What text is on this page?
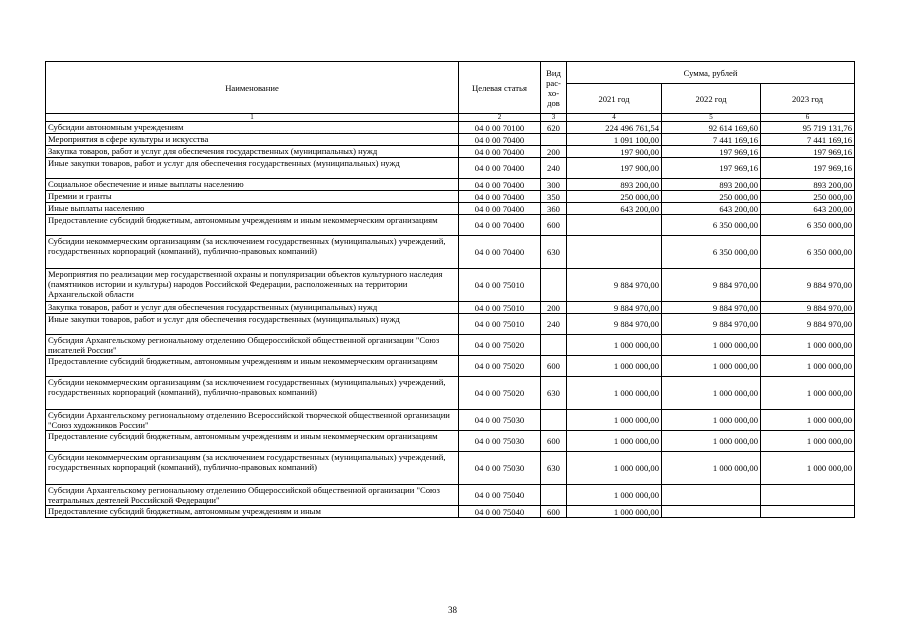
Наименование	Целевая статья	Вид рас-хо-дов	Сумма, рублей		
			2021 год	2022 год	2023 год
1	2	3	4	5	6
Субсидии автономным учреждениям	04 0 00 70100	620	224 496 761,54	92 614 169,60	95 719 131,76
Мероприятия в сфере культуры и искусства	04 0 00 70400		1 091 100,00	7 441 169,16	7 441 169,16
Закупка товаров, работ и услуг для обеспечения государственных (муниципальных) нужд	04 0 00 70400	200	197 900,00	197 969,16	197 969,16
Иные закупки товаров, работ и услуг для обеспечения государственных (муниципальных) нужд	04 0 00 70400	240	197 900,00	197 969,16	197 969,16
Социальное обеспечение и иные выплаты населению	04 0 00 70400	300	893 200,00	893 200,00	893 200,00
Премии и гранты	04 0 00 70400	350	250 000,00	250 000,00	250 000,00
Иные выплаты населению	04 0 00 70400	360	643 200,00	643 200,00	643 200,00
Предоставление субсидий бюджетным, автономным учреждениям и иным некоммерческим организациям	04 0 00 70400	600		6 350 000,00	6 350 000,00
Субсидии некоммерческим организациям (за исключением государственных (муниципальных) учреждений, государственных корпораций (компаний), публично-правовых компаний)	04 0 00 70400	630		6 350 000,00	6 350 000,00
Мероприятия по реализации мер государственной охраны и популяризации объектов культурного наследия (памятников истории и культуры) народов Российской Федерации, расположенных на территории Архангельской области	04 0 00 75010		9 884 970,00	9 884 970,00	9 884 970,00
Закупка товаров, работ и услуг для обеспечения государственных (муниципальных) нужд	04 0 00 75010	200	9 884 970,00	9 884 970,00	9 884 970,00
Иные закупки товаров, работ и услуг для обеспечения государственных (муниципальных) нужд	04 0 00 75010	240	9 884 970,00	9 884 970,00	9 884 970,00
Субсидия Архангельскому региональному отделению Общероссийской общественной организации "Союз писателей России"	04 0 00 75020		1 000 000,00	1 000 000,00	1 000 000,00
Предоставление субсидий бюджетным, автономным учреждениям и иным некоммерческим организациям	04 0 00 75020	600	1 000 000,00	1 000 000,00	1 000 000,00
Субсидии некоммерческим организациям (за исключением государственных (муниципальных) учреждений, государственных корпораций (компаний), публично-правовых компаний)	04 0 00 75020	630	1 000 000,00	1 000 000,00	1 000 000,00
Субсидии Архангельскому региональному отделению Всероссийской творческой общественной организации "Союз художников России"	04 0 00 75030		1 000 000,00	1 000 000,00	1 000 000,00
Предоставление субсидий бюджетным, автономным учреждениям и иным некоммерческим организациям	04 0 00 75030	600	1 000 000,00	1 000 000,00	1 000 000,00
Субсидии некоммерческим организациям (за исключением государственных (муниципальных) учреждений, государственных корпораций (компаний), публично-правовых компаний)	04 0 00 75030	630	1 000 000,00	1 000 000,00	1 000 000,00
Субсидии Архангельскому региональному отделению Общероссийской общественной организации "Союз театральных деятелей Российской Федерации"	04 0 00 75040		1 000 000,00		
Предоставление субсидий бюджетным, автономным учреждениям и иным	04 0 00 75040	600	1 000 000,00		
38
